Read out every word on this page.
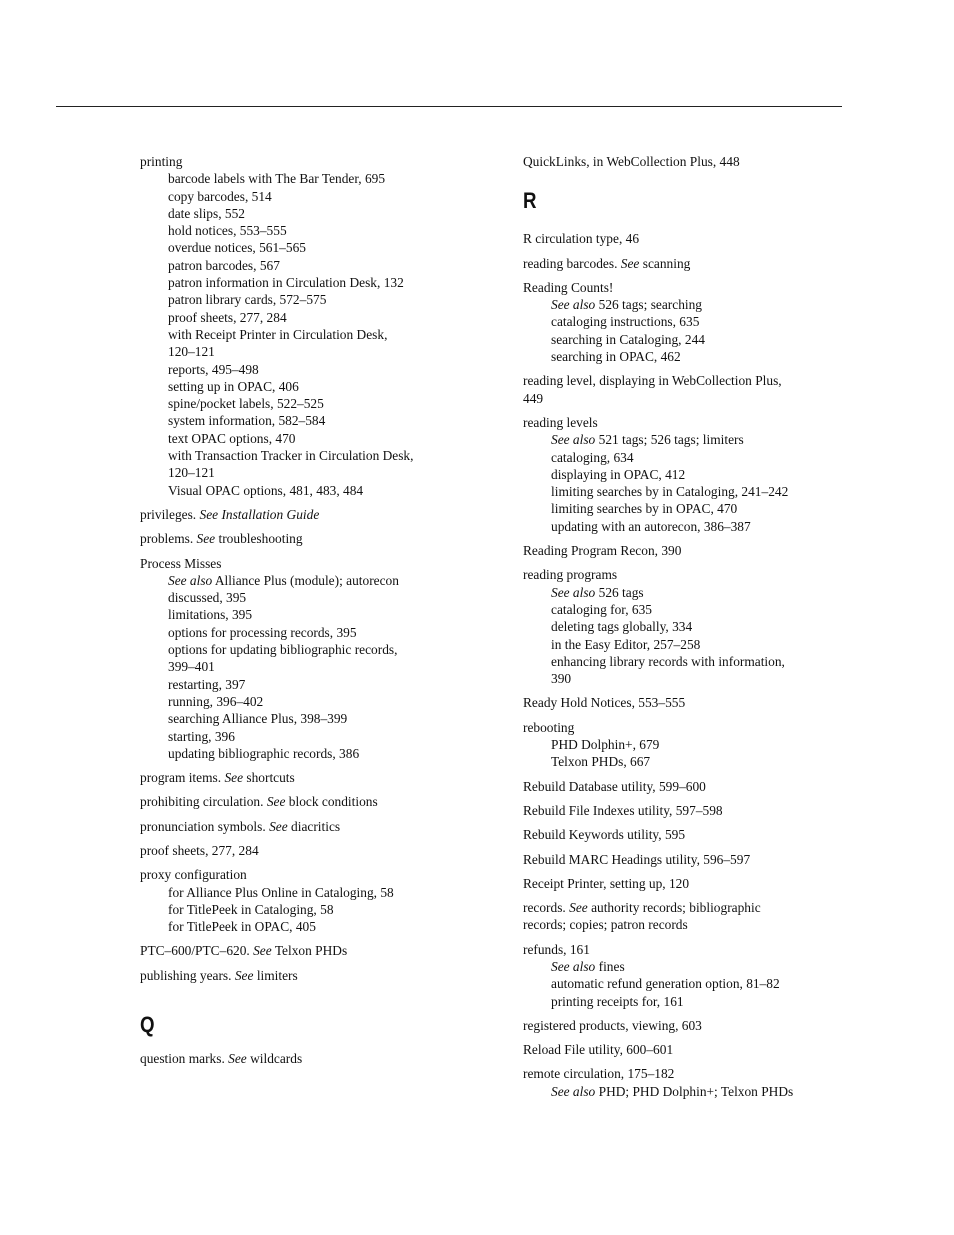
printing
barcode labels with The Bar Tender, 695
copy barcodes, 514
date slips, 552
hold notices, 553–555
overdue notices, 561–565
patron barcodes, 567
patron information in Circulation Desk, 132
patron library cards, 572–575
proof sheets, 277, 284
with Receipt Printer in Circulation Desk,
120–121
reports, 495–498
setting up in OPAC, 406
spine/pocket labels, 522–525
system information, 582–584
text OPAC options, 470
with Transaction Tracker in Circulation Desk,
120–121
Visual OPAC options, 481, 483, 484
privileges. See Installation Guide
problems. See troubleshooting
Process Misses
See also Alliance Plus (module); autorecon
discussed, 395
limitations, 395
options for processing records, 395
options for updating bibliographic records,
399–401
restarting, 397
running, 396–402
searching Alliance Plus, 398–399
starting, 396
updating bibliographic records, 386
program items. See shortcuts
prohibiting circulation. See block conditions
pronunciation symbols. See diacritics
proof sheets, 277, 284
proxy configuration
for Alliance Plus Online in Cataloging, 58
for TitlePeek in Cataloging, 58
for TitlePeek in OPAC, 405
PTC–600/PTC–620. See Telxon PHDs
publishing years. See limiters
Q
question marks. See wildcards
QuickLinks, in WebCollection Plus, 448
R
R circulation type, 46
reading barcodes. See scanning
Reading Counts!
See also 526 tags; searching
cataloging instructions, 635
searching in Cataloging, 244
searching in OPAC, 462
reading level, displaying in WebCollection Plus,
449
reading levels
See also 521 tags; 526 tags; limiters
cataloging, 634
displaying in OPAC, 412
limiting searches by in Cataloging, 241–242
limiting searches by in OPAC, 470
updating with an autorecon, 386–387
Reading Program Recon, 390
reading programs
See also 526 tags
cataloging for, 635
deleting tags globally, 334
in the Easy Editor, 257–258
enhancing library records with information,
390
Ready Hold Notices, 553–555
rebooting
PHD Dolphin+, 679
Telxon PHDs, 667
Rebuild Database utility, 599–600
Rebuild File Indexes utility, 597–598
Rebuild Keywords utility, 595
Rebuild MARC Headings utility, 596–597
Receipt Printer, setting up, 120
records. See authority records; bibliographic
records; copies; patron records
refunds, 161
See also fines
automatic refund generation option, 81–82
printing receipts for, 161
registered products, viewing, 603
Reload File utility, 600–601
remote circulation, 175–182
See also PHD; PHD Dolphin+; Telxon PHDs
